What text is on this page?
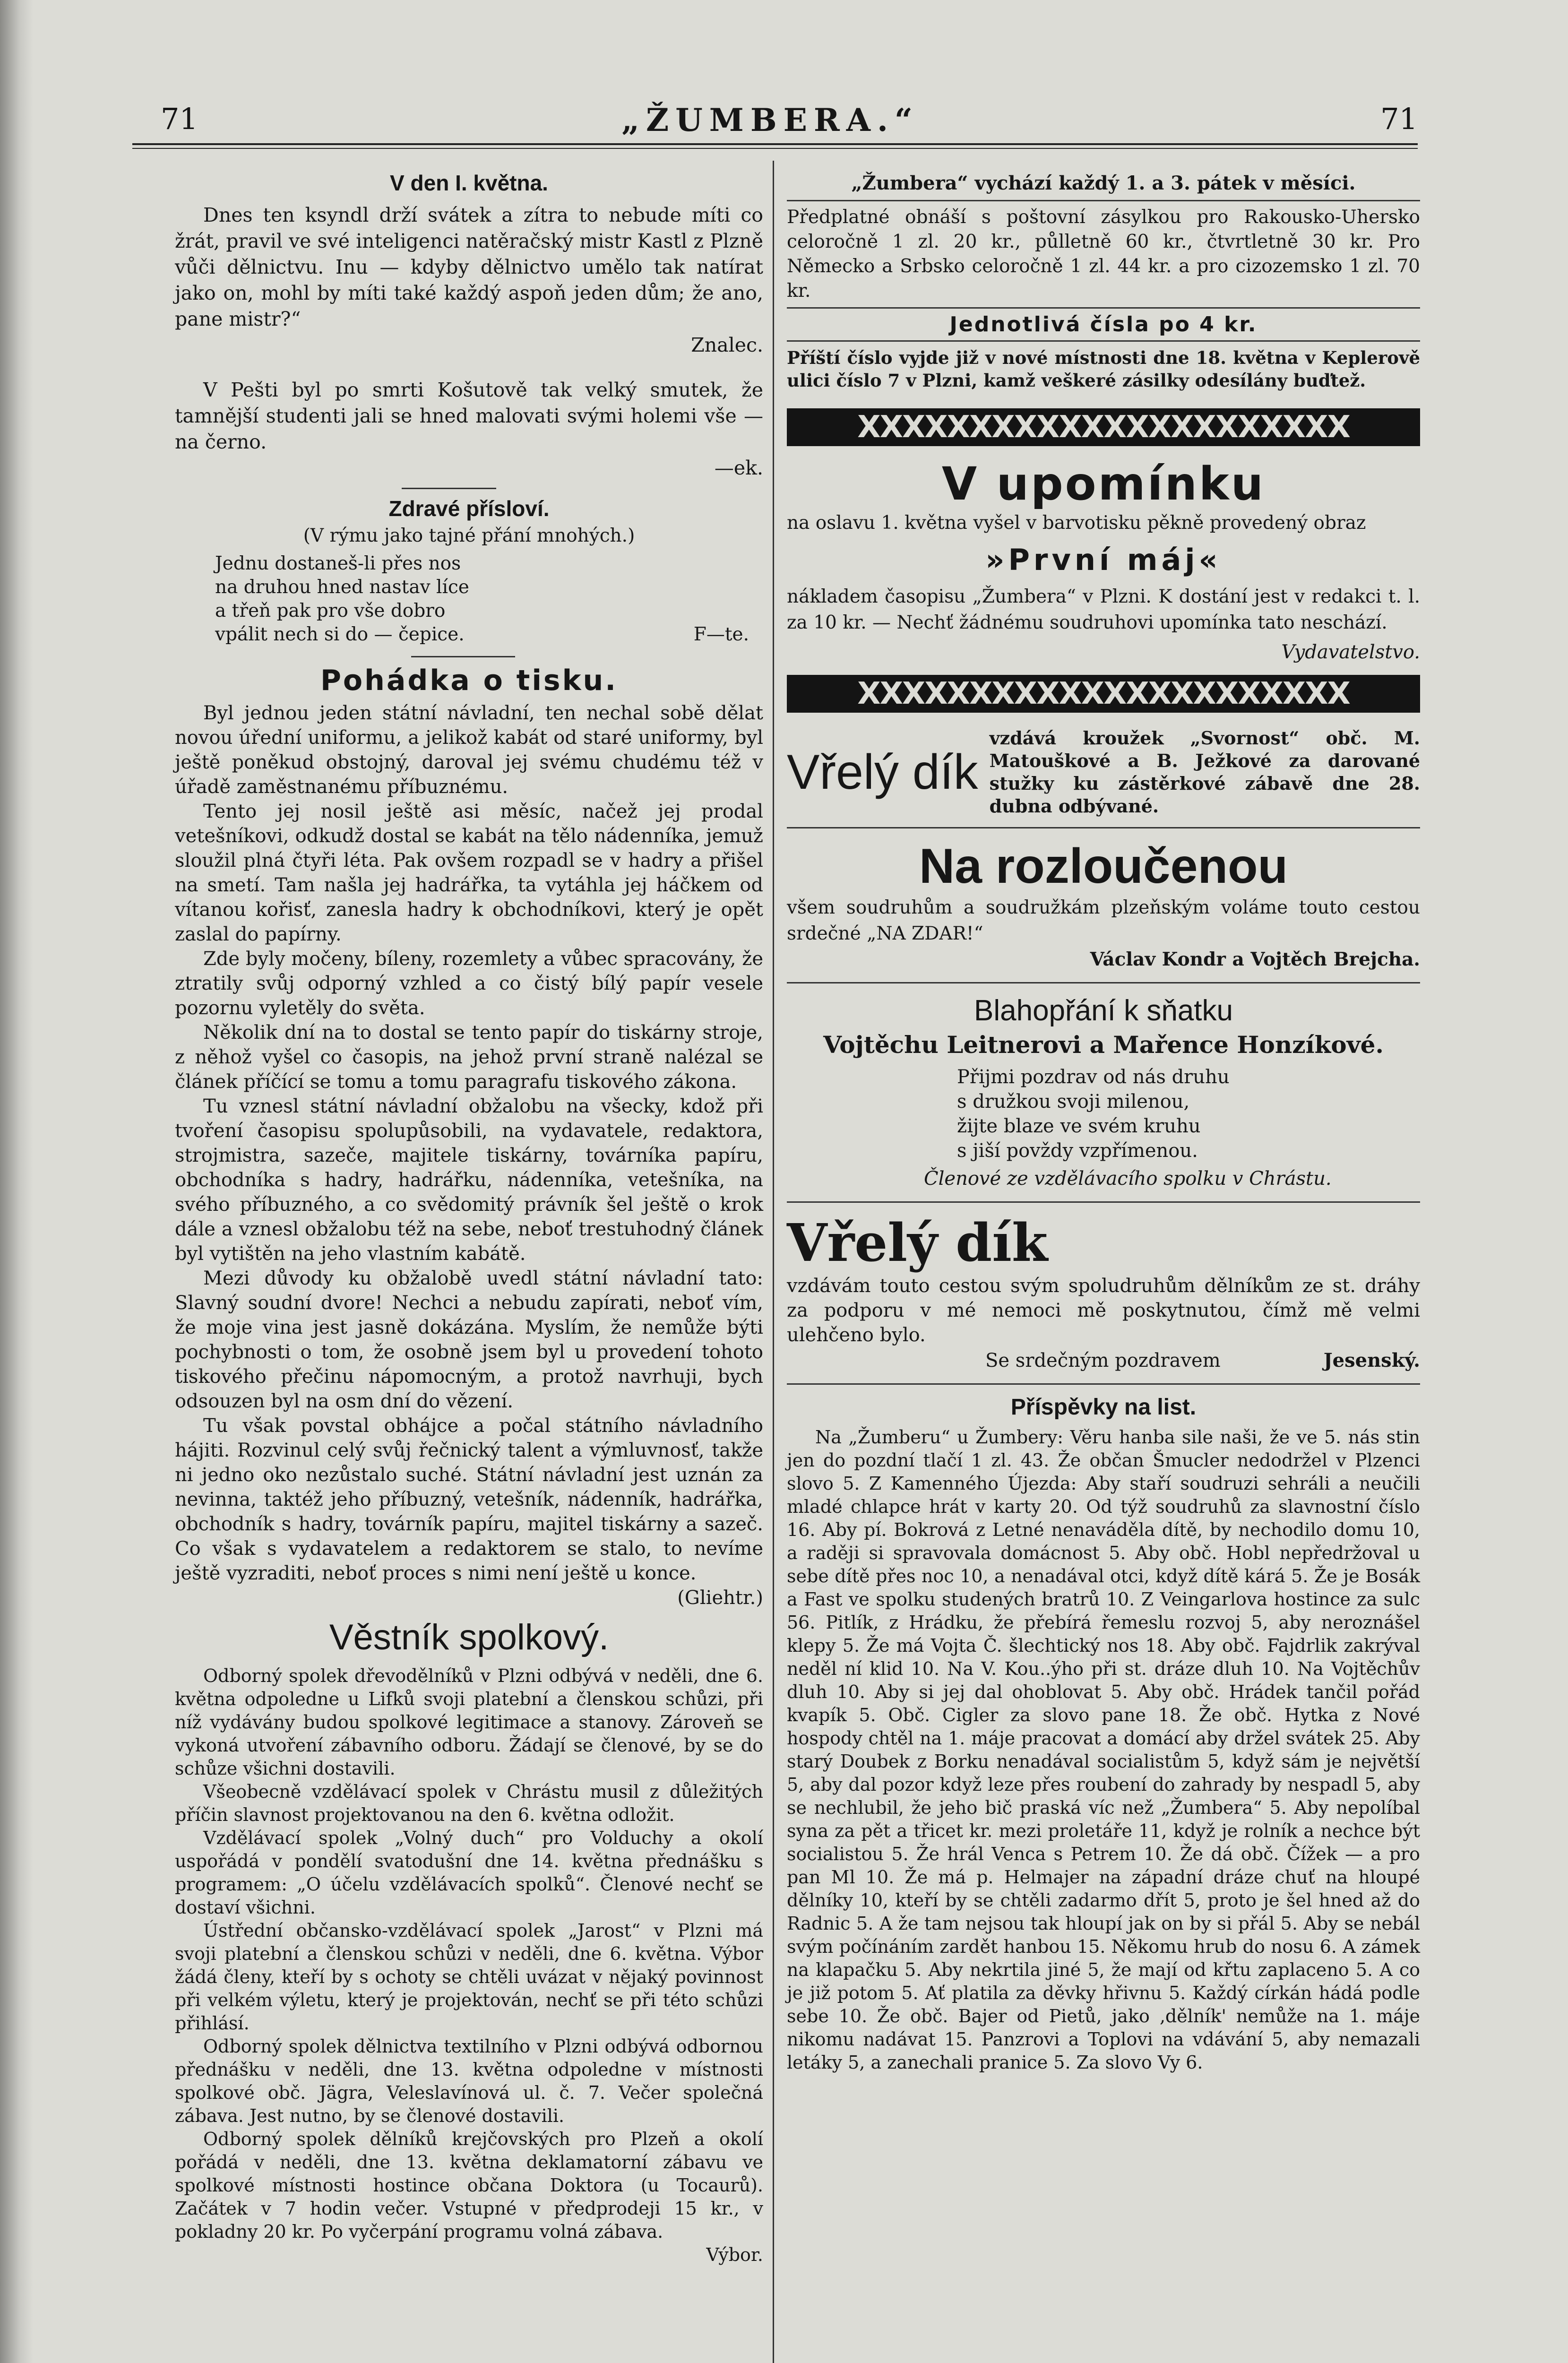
71	„ŽUMBERA.“	71
V den I. května.

Dnes ten ksyndl drží svátek a zítra to nebude míti co žrát, pravil ve své inteligenci natěračský mistr Kastl z Plzně vůči dělnictvu. Inu — kdyby dělnictvo umělo tak natírat jako on, mohl by míti také každý aspoň jeden dům; že ano, pane mistr?“

Znalec.

V Pešti byl po smrti Košutově tak velký smutek, že tamnější studenti jali se hned malovati svými holemi vše — na černo.

—ek.

Zdravé přísloví.
(V rýmu jako tajné přání mnohých.)
Jednu dostaneš-li přes nos
na druhou hned nastav líce
a třeň pak pro vše dobro
vpálit nech si do — čepice.	F—te.
Pohádka o tisku.

Byl jednou jeden státní návladní, ten nechal sobě dělat novou úřední uniformu, a jelikož kabát od staré uniformy, byl ještě poněkud obstojný, daroval jej svému chudému též v úřadě zaměstnanému příbuznému.

Tento jej nosil ještě asi měsíc, načež jej prodal vetešníkovi, odkudž dostal se kabát na tělo nádenníka, jemuž sloužil plná čtyři léta. Pak ovšem rozpadl se v hadry a přišel na smetí. Tam našla jej hadrářka, ta vytáhla jej háčkem od vítanou kořisť, zanesla hadry k obchodníkovi, který je opět zaslal do papírny.

Zde byly močeny, bíleny, rozemlety a vůbec spracovány, že ztratily svůj odporný vzhled a co čistý bílý papír vesele pozornu vyletěly do světa.

Několik dní na to dostal se tento papír do tiskárny stroje, z něhož vyšel co časopis, na jehož první straně nalézal se článek příčící se tomu a tomu paragrafu tiskového zákona.

Tu vznesl státní návladní obžalobu na všecky, kdož při tvoření časopisu spolupůsobili, na vydavatele, redaktora, strojmistra, sazeče, majitele tiskárny, továrníka papíru, obchodníka s hadry, hadrářku, nádenníka, vetešníka, na svého příbuzného, a co svědomitý právník šel ještě o krok dále a vznesl obžalobu též na sebe, neboť trestuhodný článek byl vytištěn na jeho vlastním kabátě.

Mezi důvody ku obžalobě uvedl státní návladní tato: Slavný soudní dvore! Nechci a nebudu zapírati, neboť vím, že moje vina jest jasně dokázána. Myslím, že nemůže býti pochybnosti o tom, že osobně jsem byl u provedení tohoto tiskového přečinu nápomocným, a protož navrhuji, bych odsouzen byl na osm dní do vězení.

Tu však povstal obhájce a počal státního návladního hájiti. Rozvinul celý svůj řečnický talent a výmluvnosť, takže ni jedno oko nezůstalo suché. Státní návladní jest uznán za nevinna, taktéž jeho příbuzný, vetešník, nádenník, hadrářka, obchodník s hadry, továrník papíru, majitel tiskárny a sazeč. Co však s vydavatelem a redaktorem se stalo, to nevíme ještě vyzraditi, neboť proces s nimi není ještě u konce.

(Gliehtr.)

Věstník spolkový.

Odborný spolek dřevodělníků v Plzni odbývá v neděli, dne 6. května odpoledne u Lifků svoji platební a členskou schůzi, při níž vydávány budou spolkové legitimace a stanovy. Zároveň se vykoná utvoření zábavního odboru. Žádají se členové, by se do schůze všichni dostavili.

Všeobecně vzdělávací spolek v Chrástu musil z důležitých příčin slavnost projektovanou na den 6. května odložit.

Vzdělávací spolek „Volný duch“ pro Volduchy a okolí uspořádá v pondělí svatodušní dne 14. května přednášku s programem: „O účelu vzdělávacích spolků“. Členové nechť se dostaví všichni.

Ústřední občansko-vzdělávací spolek „Jarost“ v Plzni má svoji platební a členskou schůzi v neděli, dne 6. května. Výbor žádá členy, kteří by s ochoty se chtěli uvázat v nějaký povinnost při velkém výletu, který je projektován, nechť se při této schůzi přihlásí.

Odborný spolek dělnictva textilního v Plzni odbývá odbornou přednášku v neděli, dne 13. května odpoledne v místnosti spolkové obč. Jägra, Veleslavínová ul. č. 7. Večer společná zábava. Jest nutno, by se členové dostavili.

Odborný spolek dělníků krejčovských pro Plzeň a okolí pořádá v neděli, dne 13. května deklamatorní zábavu ve spolkové místnosti hostince občana Doktora (u Tocaurů). Začátek v 7 hodin večer. Vstupné v předprodeji 15 kr., v pokladny 20 kr. Po vyčerpání programu volná zábava.

Výbor.

„Žumbera“ vychází každý 1. a 3. pátek v měsíci.

Předplatné obnáší s poštovní zásylkou pro Rakousko-Uhersko celoročně 1 zl. 20 kr., půlletně 60 kr., čtvrtletně 30 kr. Pro Německo a Srbsko celoročně 1 zl. 44 kr. a pro cizozemsko 1 zl. 70 kr.

Jednotlivá čísla po 4 kr.

Příští číslo vyjde již v nové místnosti dne 18. května v Keplerově ulici číslo 7 v Plzni, kamž veškeré zásilky odesílány buďtež.

XXXXXXXXXXXXXXXXXXXXXX
V upomínku

na oslavu 1. května vyšel v barvotisku pěkně provedený obraz

»První máj«

nákladem časopisu „Žumbera“ v Plzni. K dostání jest v redakci t. l. za 10 kr. — Nechť žádnému soudruhovi upomínka tato neschází.

Vydavatelstvo.

XXXXXXXXXXXXXXXXXXXXXX
Vřelý dík

vzdává kroužek „Svornost“ obč. M. Matouškové a B. Ježkové za darované stužky ku zástěrkové zábavě dne 28. dubna odbývané.

Na rozloučenou

všem soudruhům a soudružkám plzeňským voláme touto cestou srdečné „NA ZDAR!“

Václav Kondr a Vojtěch Brejcha.

Blahopřání k sňatku
Vojtěchu Leitnerovi a Mařence Honzíkové.
Přijmi pozdrav od nás druhu
s družkou svoji milenou,
žijte blaze ve svém kruhu
s jiší povždy vzpřímenou.

Členové ze vzdělávacího spolku v Chrástu.

Vřelý dík

vzdávám touto cestou svým spoludruhům dělníkům ze st. dráhy za podporu v mé nemoci mě poskytnutou, čímž mě velmi ulehčeno bylo.

Se srdečným pozdravem	Jesenský.
Příspěvky na list.

Na „Žumberu“ u Žumbery: Věru hanba sile naši, že ve 5. nás stin jen do pozdní tlačí 1 zl. 43. Že občan Šmucler nedodržel v Plzenci slovo 5. Z Kamenného Újezda: Aby staří soudruzi sehráli a neučili mladé chlapce hrát v karty 20. Od týž soudruhů za slavnostní číslo 16. Aby pí. Bokrová z Letné nenaváděla dítě, by nechodilo domu 10, a raději si spravovala domácnost 5. Aby obč. Hobl nepředržoval u sebe dítě přes noc 10, a nenadával otci, když dítě kárá 5. Že je Bosák a Fast ve spolku studených bratrů 10. Z Veingarlova hostince za sulc 56. Pitlík, z Hrádku, že přebírá řemeslu rozvoj 5, aby neroznášel klepy 5. Že má Vojta Č. šlechtický nos 18. Aby obč. Fajdrlik zakrýval neděl ní klid 10. Na V. Kou..ýho při st. dráze dluh 10. Na Vojtěchův dluh 10. Aby si jej dal ohoblovat 5. Aby obč. Hrádek tančil pořád kvapík 5. Obč. Cigler za slovo pane 18. Že obč. Hytka z Nové hospody chtěl na 1. máje pracovat a domácí aby držel svátek 25. Aby starý Doubek z Borku nenadával socialistům 5, když sám je největší 5, aby dal pozor když leze přes roubení do zahrady by nespadl 5, aby se nechlubil, že jeho bič praská víc než „Žumbera“ 5. Aby nepolíbal syna za pět a třicet kr. mezi proletáře 11, když je rolník a nechce být socialistou 5. Že hrál Venca s Petrem 10. Že dá obč. Čížek — a pro pan Ml 10. Že má p. Helmajer na západní dráze chuť na hloupé dělníky 10, kteří by se chtěli zadarmo dřít 5, proto je šel hned až do Radnic 5. A že tam nejsou tak hloupí jak on by si přál 5. Aby se nebál svým počínáním zardět hanbou 15. Někomu hrub do nosu 6. A zámek na klapačku 5. Aby nekrtila jiné 5, že mají od křtu zaplaceno 5. A co je již potom 5. Ať platila za děvky hřivnu 5. Každý církán hádá podle sebe 10. Že obč. Bajer od Pietů, jako ‚dělník' nemůže na 1. máje nikomu nadávat 15. Panzrovi a Toplovi na vdávání 5, aby nemazali letáky 5, a zanechali pranice 5. Za slovo Vy 6.
